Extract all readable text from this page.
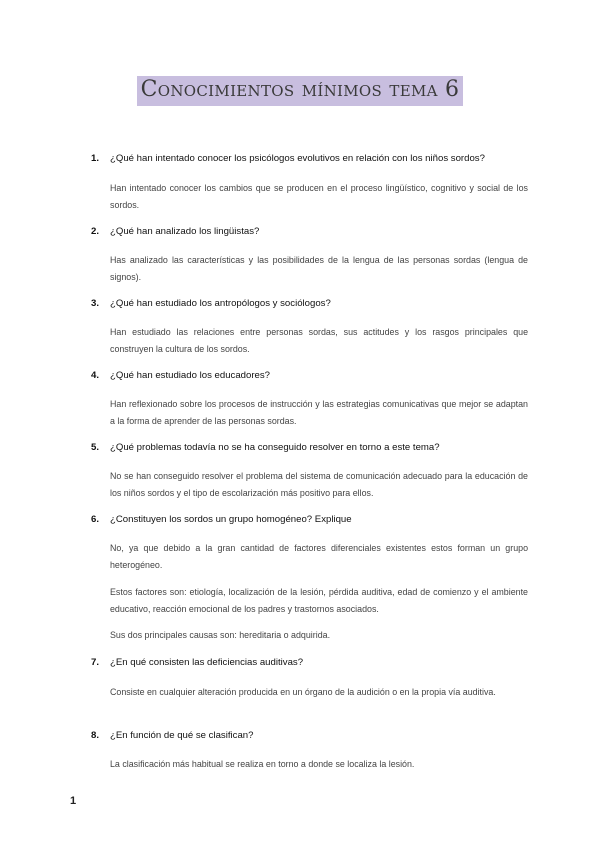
Conocimientos mínimos tema 6
1. ¿Qué han intentado conocer los psicólogos evolutivos en relación con los niños sordos?
Han intentado conocer los cambios que se producen en el proceso lingüístico, cognitivo y social de los sordos.
2. ¿Qué han analizado los lingüistas?
Has analizado las características y las posibilidades de la lengua de las personas sordas (lengua de signos).
3. ¿Qué han estudiado los antropólogos y sociólogos?
Han estudiado las relaciones entre personas sordas, sus actitudes y los rasgos principales que construyen la cultura de los sordos.
4. ¿Qué han estudiado los educadores?
Han reflexionado sobre los procesos de instrucción y las estrategias comunicativas que mejor se adaptan a la forma de aprender de las personas sordas.
5. ¿Qué problemas todavía no se ha conseguido resolver en torno a este tema?
No se han conseguido resolver el problema del sistema de comunicación adecuado para la educación de los niños sordos y el tipo de escolarización más positivo para ellos.
6. ¿Constituyen los sordos un grupo homogéneo? Explique
No, ya que debido a la gran cantidad de factores diferenciales existentes estos forman un grupo heterogéneo.
Estos factores son: etiología, localización de la lesión, pérdida auditiva, edad de comienzo y el ambiente educativo, reacción emocional de los padres y trastornos asociados.
Sus dos principales causas son: hereditaria o adquirida.
7. ¿En qué consisten las deficiencias auditivas?
Consiste en cualquier alteración producida en un órgano de la audición o en la propia vía auditiva.
8. ¿En función de qué se clasifican?
La clasificación más habitual se realiza en torno a donde se localiza la lesión.
1
